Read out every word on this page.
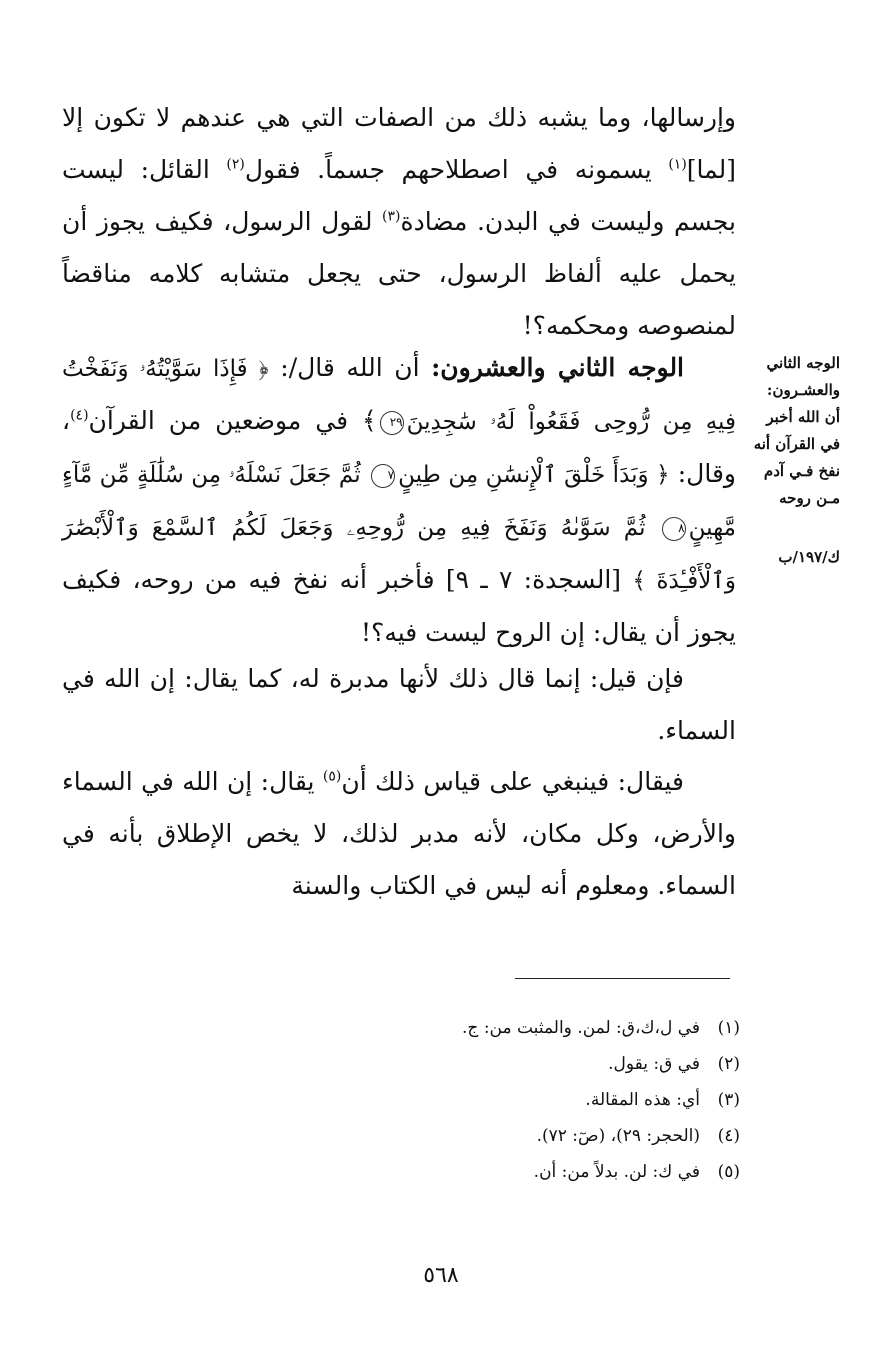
وإرسالها، وما يشبه ذلك من الصفات التي هي عندهم لا تكون إلا [لما]$^{(١)}$ يسمونه في اصطلاحهم جسماً. فقول$^{(٢)}$ القائل: ليست بجسم وليست في البدن. مضادة$^{(٣)}$ لقول الرسول، فكيف يجوز أن يحمل عليه ألفاظ الرسول، حتى يجعل متشابه كلامه مناقضاً لمنصوصه ومحكمه؟!

الوجه الثاني والعشرون: أن الله قال/: ﴿ فَإِذَا سَوَّيْتُهُۥ وَنَفَخْتُ فِيهِ مِن رُّوحِى فَقَعُواْ لَهُۥ سَٰجِدِينَ٢٩﴾ في موضعين من القرآن$^{(٤)}$، وقال: ﴿ وَبَدَأَ خَلْقَ ٱلْإِنسَٰنِ مِن طِينٍ٧ ثُمَّ جَعَلَ نَسْلَهُۥ مِن سُلَٰلَةٍ مِّن مَّآءٍ مَّهِينٍ٨ ثُمَّ سَوَّىٰهُ وَنَفَخَ فِيهِ مِن رُّوحِهِۦ وَجَعَلَ لَكُمُ ٱلسَّمْعَ وَٱلْأَبْصَٰرَ وَٱلْأَفْـِٔدَةَ ﴾ [السجدة: ٧ ـ ٩] فأخبر أنه نفخ فيه من روحه، فكيف يجوز أن يقال: إن الروح ليست فيه؟!

فإن قيل: إنما قال ذلك لأنها مدبرة له، كما يقال: إن الله في السماء.

فيقال: فينبغي على قياس ذلك أن$^{(٥)}$ يقال: إن الله في السماء والأرض، وكل مكان، لأنه مدبر لذلك، لا يخص الإطلاق بأنه في السماء. ومعلوم أنه ليس في الكتاب والسنة

الوجه الثاني والعشـرون: أن الله أخبر في القرآن أنه نفخ فـي آدم مـن روحه
ك/١٩٧/ب
(١)في ل،ك،ق: لمن. والمثبت من: ج.
(٢)في ق: يقول.
(٣)أي: هذه المقالة.
(٤)(الحجر: ٢٩)، (صٓ: ٧٢).
(٥)في ك: لن. بدلاً من: أن.
٥٦٨
